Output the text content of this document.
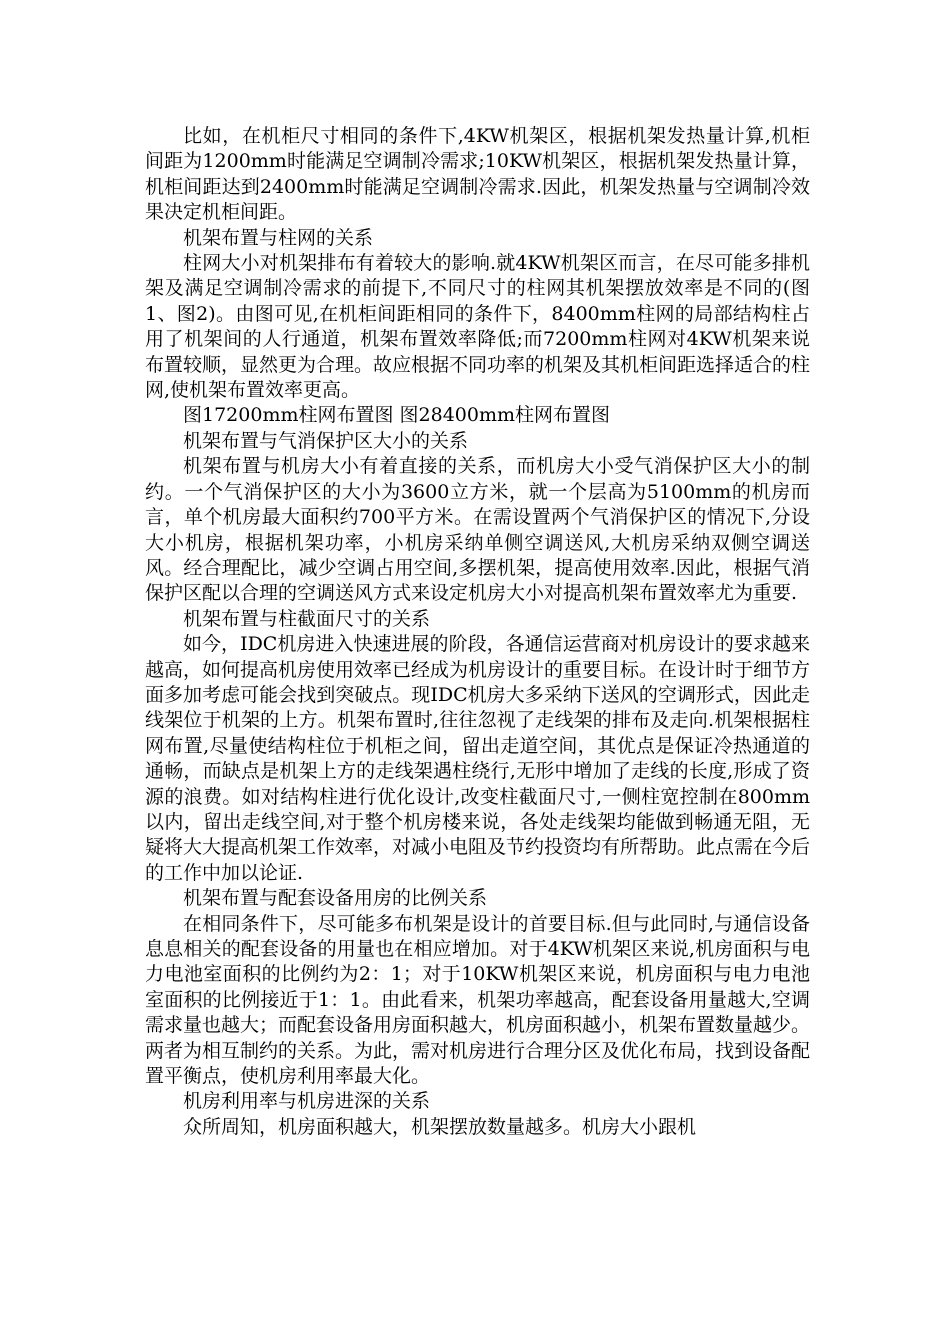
比如，在机柜尺寸相同的条件下,4KW机架区，根据机架发热量计算,机柜间距为1200mm时能满足空调制冷需求;10KW机架区，根据机架发热量计算，机柜间距达到2400mm时能满足空调制冷需求.因此，机架发热量与空调制冷效果决定机柜间距。

机架布置与柱网的关系

柱网大小对机架排布有着较大的影响.就4KW机架区而言，在尽可能多排机架及满足空调制冷需求的前提下,不同尺寸的柱网其机架摆放效率是不同的(图1、图2)。由图可见,在机柜间距相同的条件下，8400mm柱网的局部结构柱占用了机架间的人行通道，机架布置效率降低;而7200mm柱网对4KW机架来说布置较顺，显然更为合理。故应根据不同功率的机架及其机柜间距选择适合的柱网,使机架布置效率更高。

图17200mm柱网布置图 图28400mm柱网布置图

机架布置与气消保护区大小的关系

机架布置与机房大小有着直接的关系，而机房大小受气消保护区大小的制约。一个气消保护区的大小为3600立方米，就一个层高为5100mm的机房而言，单个机房最大面积约700平方米。在需设置两个气消保护区的情况下,分设大小机房，根据机架功率，小机房采纳单侧空调送风,大机房采纳双侧空调送风。经合理配比，减少空调占用空间,多摆机架，提高使用效率.因此，根据气消保护区配以合理的空调送风方式来设定机房大小对提高机架布置效率尤为重要.

机架布置与柱截面尺寸的关系

如今，IDC机房进入快速进展的阶段，各通信运营商对机房设计的要求越来越高，如何提高机房使用效率已经成为机房设计的重要目标。在设计时于细节方面多加考虑可能会找到突破点。现IDC机房大多采纳下送风的空调形式，因此走线架位于机架的上方。机架布置时,往往忽视了走线架的排布及走向.机架根据柱网布置,尽量使结构柱位于机柜之间，留出走道空间，其优点是保证冷热通道的通畅，而缺点是机架上方的走线架遇柱绕行,无形中增加了走线的长度,形成了资源的浪费。如对结构柱进行优化设计,改变柱截面尺寸,一侧柱宽控制在800mm以内，留出走线空间,对于整个机房楼来说，各处走线架均能做到畅通无阻，无疑将大大提高机架工作效率，对减小电阻及节约投资均有所帮助。此点需在今后的工作中加以论证.

机架布置与配套设备用房的比例关系

在相同条件下，尽可能多布机架是设计的首要目标.但与此同时,与通信设备息息相关的配套设备的用量也在相应增加。对于4KW机架区来说,机房面积与电力电池室面积的比例约为2：1；对于10KW机架区来说，机房面积与电力电池室面积的比例接近于1：1。由此看来，机架功率越高，配套设备用量越大,空调需求量也越大；而配套设备用房面积越大，机房面积越小，机架布置数量越少。两者为相互制约的关系。为此，需对机房进行合理分区及优化布局，找到设备配置平衡点，使机房利用率最大化。

机房利用率与机房进深的关系

众所周知，机房面积越大，机架摆放数量越多。机房大小跟机
